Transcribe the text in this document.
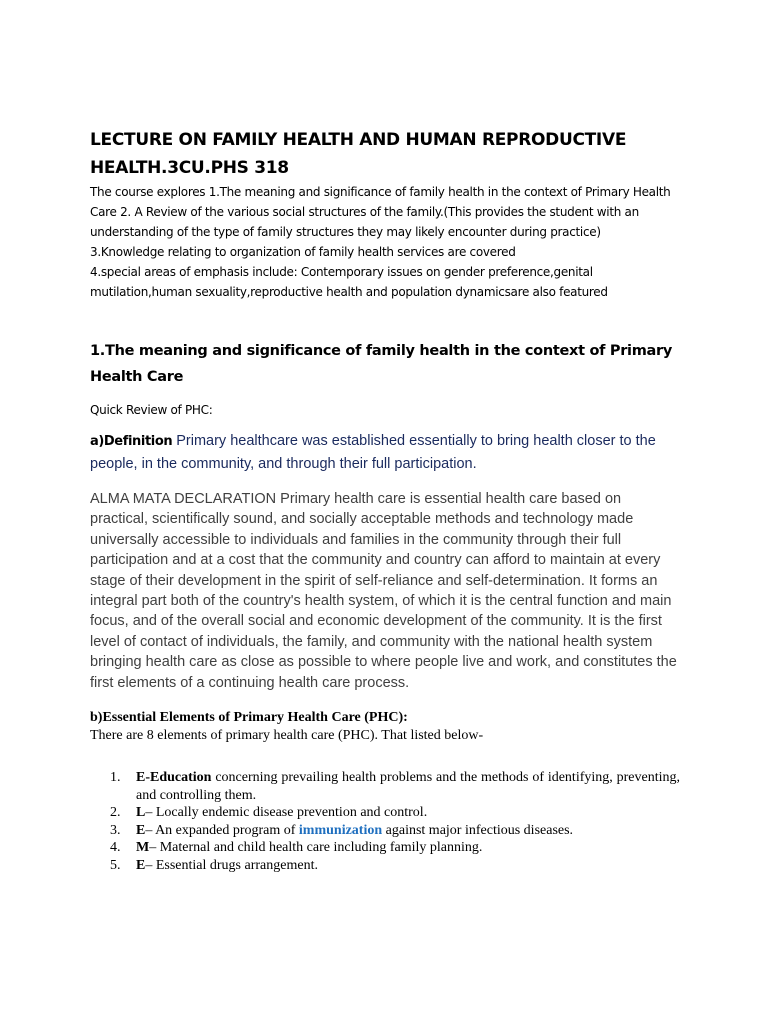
LECTURE ON FAMILY HEALTH AND HUMAN REPRODUCTIVE
HEALTH.3CU.PHS 318

The course explores 1.The meaning and significance of family health in the context of Primary Health Care 2. A Review of the various social structures of the family.(This provides the student with an understanding of the type of family structures they may likely encounter during practice)

3.Knowledge relating to organization of family health services are covered

4.special areas of emphasis include: Contemporary issues on gender preference,genital mutilation,human sexuality,reproductive health and population dynamicsare also featured

1.The meaning and significance of family health in the context of Primary Health Care

Quick Review of PHC:

a)Definition Primary healthcare was established essentially to bring health closer to the people, in the community, and through their full participation.

ALMA MATA DECLARATION Primary health care is essential health care based on practical, scientifically sound, and socially acceptable methods and technology made universally accessible to individuals and families in the community through their full participation and at a cost that the community and country can afford to maintain at every stage of their development in the spirit of self-reliance and self-determination. It forms an integral part both of the country's health system, of which it is the central function and main focus, and of the overall social and economic development of the community. It is the first level of contact of individuals, the family, and community with the national health system bringing health care as close as possible to where people live and work, and constitutes the first elements of a continuing health care process.

b)Essential Elements of Primary Health Care (PHC):
There are 8 elements of primary health care (PHC). That listed below-

1. E-Education concerning prevailing health problems and the methods of identifying, preventing, and controlling them.
2. L– Locally endemic disease prevention and control.
3. E– An expanded program of immunization against major infectious diseases.
4. M– Maternal and child health care including family planning.
5. E– Essential drugs arrangement.
